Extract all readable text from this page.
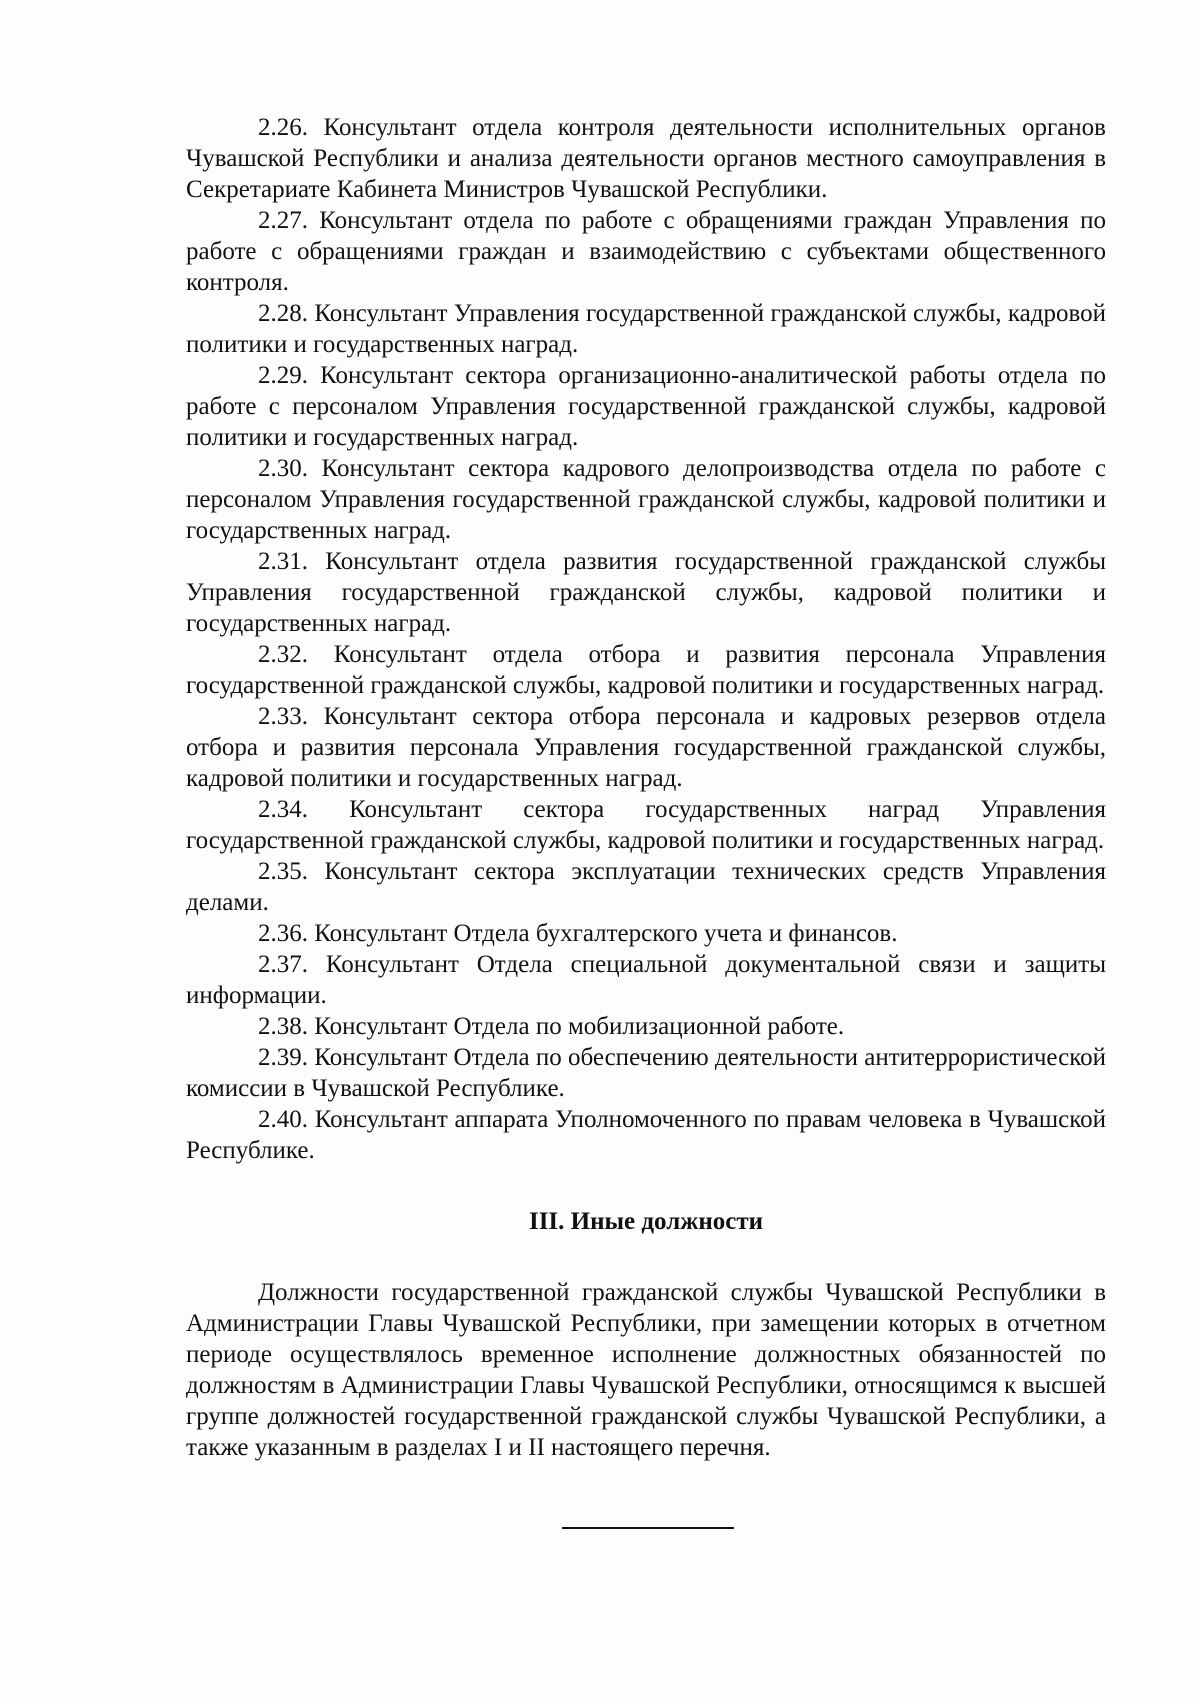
2.26. Консультант отдела контроля деятельности исполнительных органов Чувашской Республики и анализа деятельности органов местного самоуправления в Секретариате Кабинета Министров Чувашской Республики.

2.27. Консультант отдела по работе с обращениями граждан Управления по работе с обращениями граждан и взаимодействию с субъектами общественного контроля.

2.28. Консультант Управления государственной гражданской службы, кадровой политики и государственных наград.

2.29. Консультант сектора организационно-аналитической работы отдела по работе с персоналом Управления государственной гражданской службы, кадровой политики и государственных наград.

2.30. Консультант сектора кадрового делопроизводства отдела по работе с персоналом Управления государственной гражданской службы, кадровой политики и государственных наград.

2.31. Консультант отдела развития государственной гражданской службы Управления государственной гражданской службы, кадровой политики и государственных наград.

2.32. Консультант отдела отбора и развития персонала Управления государственной гражданской службы, кадровой политики и государственных наград.

2.33. Консультант сектора отбора персонала и кадровых резервов отдела отбора и развития персонала Управления государственной гражданской службы, кадровой политики и государственных наград.

2.34. Консультант сектора государственных наград Управления государственной гражданской службы, кадровой политики и государственных наград.

2.35. Консультант сектора эксплуатации технических средств Управления делами.

2.36. Консультант Отдела бухгалтерского учета и финансов.

2.37. Консультант Отдела специальной документальной связи и защиты информации.

2.38. Консультант Отдела по мобилизационной работе.

2.39. Консультант Отдела по обеспечению деятельности антитеррористической комиссии в Чувашской Республике.

2.40. Консультант аппарата Уполномоченного по правам человека в Чувашской Республике.

III. Иные должности

Должности государственной гражданской службы Чувашской Республики в Администрации Главы Чувашской Республики, при замещении которых в отчетном периоде осуществлялось временное исполнение должностных обязанностей по должностям в Администрации Главы Чувашской Республики, относящимся к высшей группе должностей государственной гражданской службы Чувашской Республики, а также указанным в разделах I и II настоящего перечня.
